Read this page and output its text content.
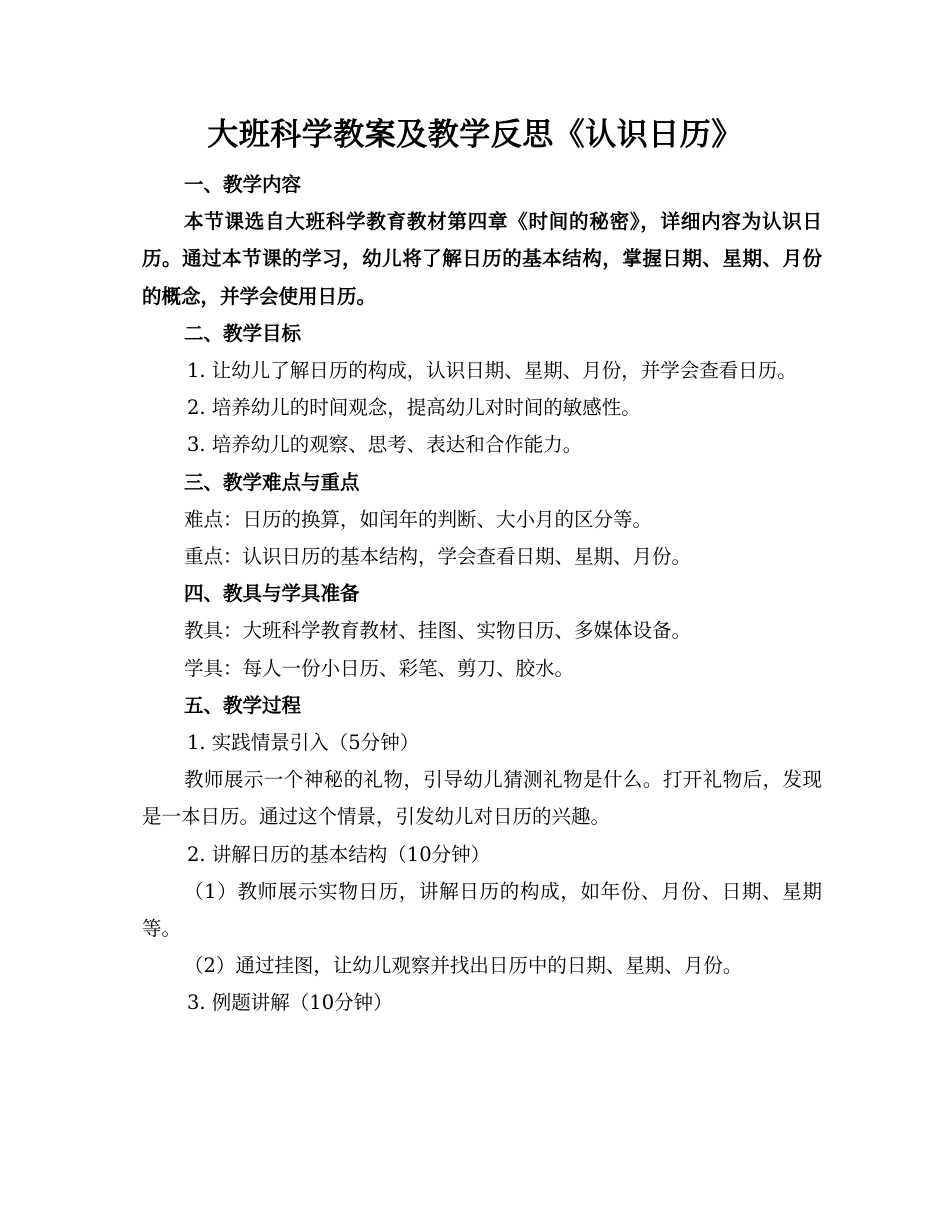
大班科学教案及教学反思《认识日历》

一、教学内容

本节课选自大班科学教育教材第四章《时间的秘密》，详细内容为认识日历。通过本节课的学习，幼儿将了解日历的基本结构，掌握日期、星期、月份的概念，并学会使用日历。

二、教学目标

1. 让幼儿了解日历的构成，认识日期、星期、月份，并学会查看日历。

2. 培养幼儿的时间观念，提高幼儿对时间的敏感性。

3. 培养幼儿的观察、思考、表达和合作能力。

三、教学难点与重点

难点：日历的换算，如闰年的判断、大小月的区分等。

重点：认识日历的基本结构，学会查看日期、星期、月份。

四、教具与学具准备

教具：大班科学教育教材、挂图、实物日历、多媒体设备。

学具：每人一份小日历、彩笔、剪刀、胶水。

五、教学过程

1. 实践情景引入（5分钟）

教师展示一个神秘的礼物，引导幼儿猜测礼物是什么。打开礼物后，发现是一本日历。通过这个情景，引发幼儿对日历的兴趣。

2. 讲解日历的基本结构（10分钟）

（1）教师展示实物日历，讲解日历的构成，如年份、月份、日期、星期等。

（2）通过挂图，让幼儿观察并找出日历中的日期、星期、月份。

3. 例题讲解（10分钟）
